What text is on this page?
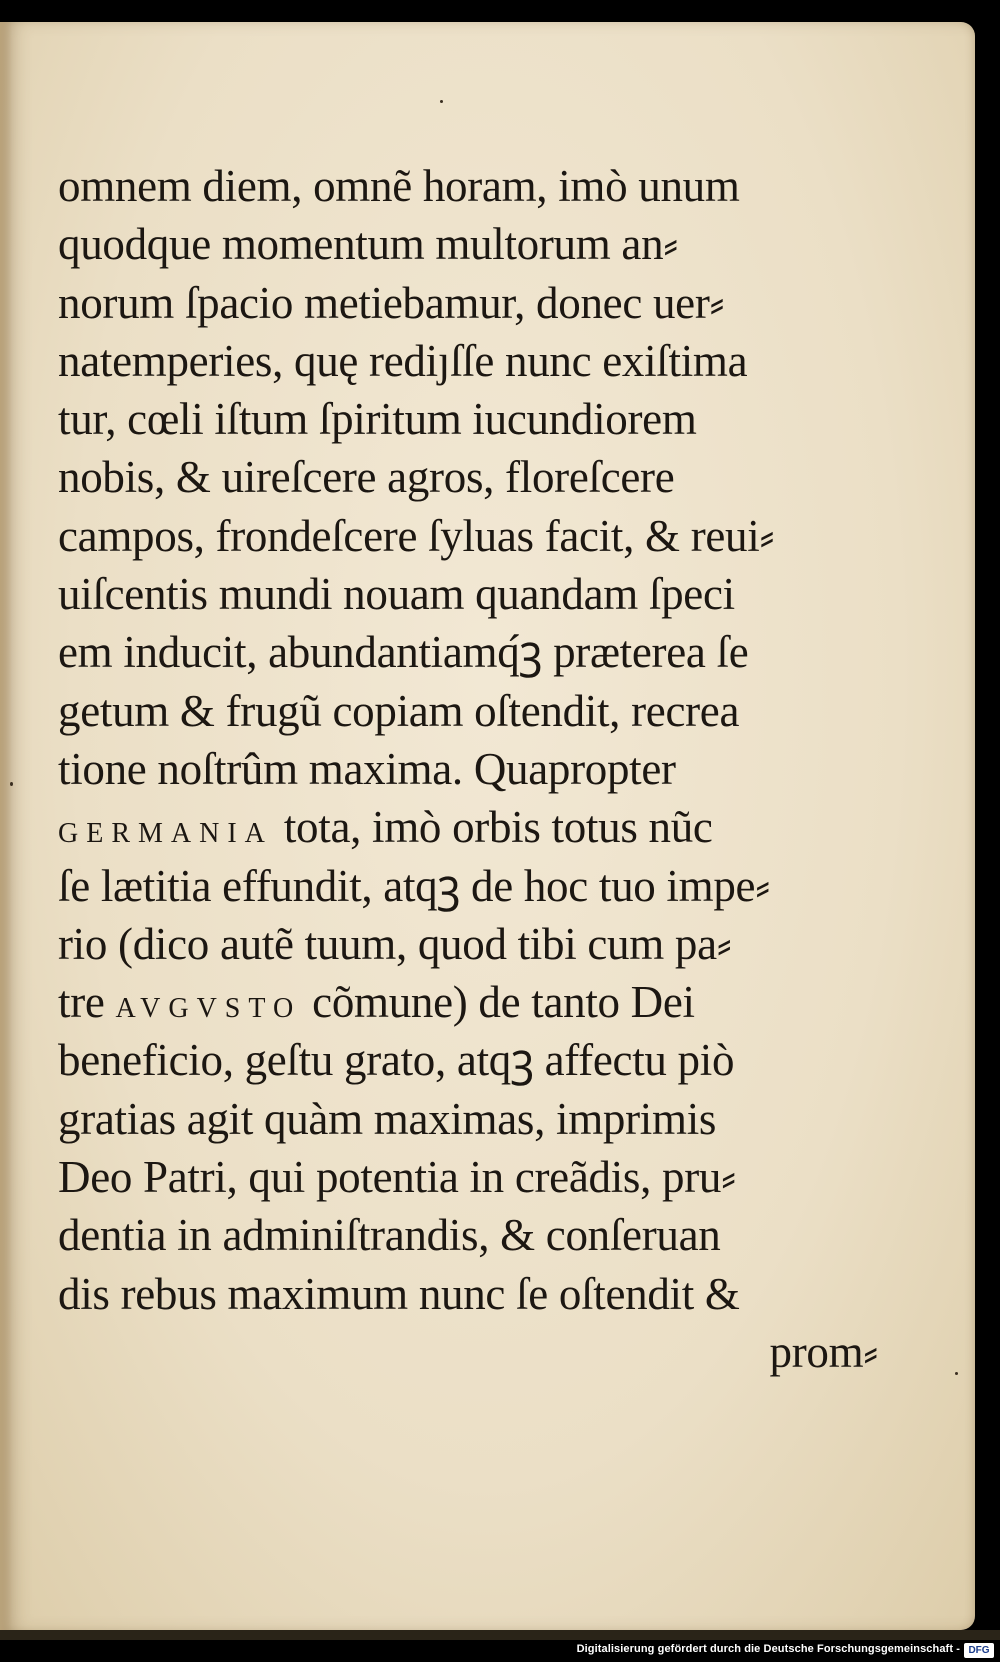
omnem diem, omnẽ horam, imò unum
quodque momentum multorum an⸗
norum ſpacio metiebamur, donec uer⸗
natemperies, quę rediȷſſe nunc exiſtima
tur, cœli iſtum ſpiritum iucundiorem
nobis, & uireſcere agros, floreſcere
campos, frondeſcere ſyluas facit, & reui⸗
uiſcentis mundi nouam quandam ſpeci
em inducit, abundantiamq́ꝫ præterea ſe
getum & frugũ copiam oſtendit, recrea
tione noſtrûm maxima. Quapropter
GERMANIA tota, imò orbis totus nũc
ſe lætitia effundit, atqꝫ de hoc tuo impe⸗
rio (dico autẽ tuum, quod tibi cum pa⸗
tre AVGVSTO cõmune) de tanto Dei
beneficio, geſtu grato, atqꝫ affectu piò
gratias agit quàm maximas, imprimis
Deo Patri, qui potentia in creãdis, pru⸗
dentia in adminiſtrandis, & conſeruan
dis rebus maximum nunc ſe oſtendit &
prom⸗
Digitalisierung gefördert durch die Deutsche Forschungsgemeinschaft - DFG
